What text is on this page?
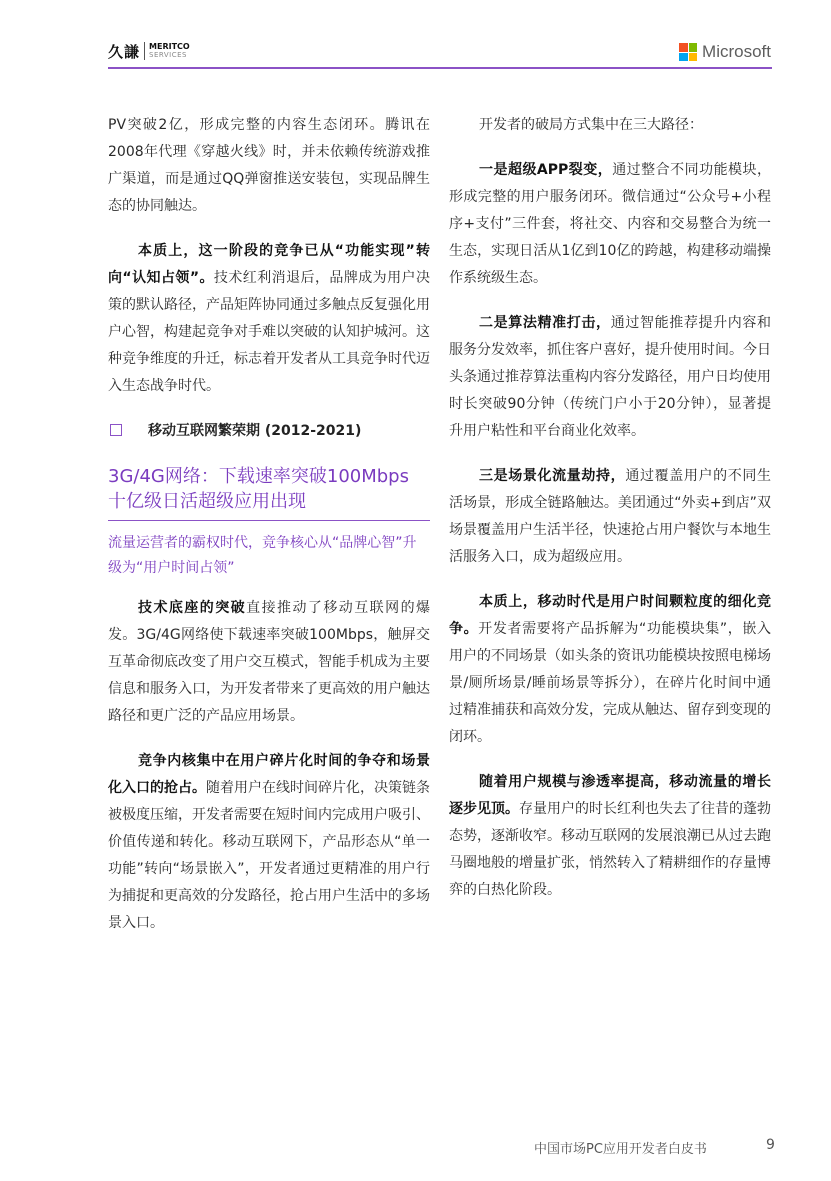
久謙 MERITCO
SERVICES	Microsoft

PV突破2亿，形成完整的内容生态闭环。腾讯在2008年代理《穿越火线》时，并未依赖传统游戏推广渠道，而是通过QQ弹窗推送安装包，实现品牌生态的协同触达。

本质上，这一阶段的竞争已从“功能实现”转向“认知占领”。技术红利消退后，品牌成为用户决策的默认路径，产品矩阵协同通过多触点反复强化用户心智，构建起竞争对手难以突破的认知护城河。这种竞争维度的升迁，标志着开发者从工具竞争时代迈入生态战争时代。

移动互联网繁荣期 (2012-2021)

3G/4G网络：下载速率突破100Mbps
十亿级日活超级应用出现

流量运营者的霸权时代，竞争核心从“品牌心智”升级为“用户时间占领”

技术底座的突破直接推动了移动互联网的爆发。3G/4G网络使下载速率突破100Mbps，触屏交互革命彻底改变了用户交互模式，智能手机成为主要信息和服务入口，为开发者带来了更高效的用户触达路径和更广泛的产品应用场景。

竞争内核集中在用户碎片化时间的争夺和场景化入口的抢占。随着用户在线时间碎片化，决策链条被极度压缩，开发者需要在短时间内完成用户吸引、价值传递和转化。移动互联网下，产品形态从“单一功能”转向“场景嵌入”，开发者通过更精准的用户行为捕捉和更高效的分发路径，抢占用户生活中的多场景入口。

开发者的破局方式集中在三大路径：

一是超级APP裂变，通过整合不同功能模块，形成完整的用户服务闭环。微信通过“公众号+小程序+支付”三件套，将社交、内容和交易整合为统一生态，实现日活从1亿到10亿的跨越，构建移动端操作系统级生态。

二是算法精准打击，通过智能推荐提升内容和服务分发效率，抓住客户喜好，提升使用时间。今日头条通过推荐算法重构内容分发路径，用户日均使用时长突破90分钟（传统门户小于20分钟），显著提升用户粘性和平台商业化效率。

三是场景化流量劫持，通过覆盖用户的不同生活场景，形成全链路触达。美团通过“外卖+到店”双场景覆盖用户生活半径，快速抢占用户餐饮与本地生活服务入口，成为超级应用。

本质上，移动时代是用户时间颗粒度的细化竞争。开发者需要将产品拆解为“功能模块集”，嵌入用户的不同场景（如头条的资讯功能模块按照电梯场景/厕所场景/睡前场景等拆分），在碎片化时间中通过精准捕获和高效分发，完成从触达、留存到变现的闭环。

随着用户规模与渗透率提高，移动流量的增长逐步见顶。存量用户的时长红利也失去了往昔的蓬勃态势，逐渐收窄。移动互联网的发展浪潮已从过去跑马圈地般的增量扩张，悄然转入了精耕细作的存量博弈的白热化阶段。

中国市场PC应用开发者白皮书	9
